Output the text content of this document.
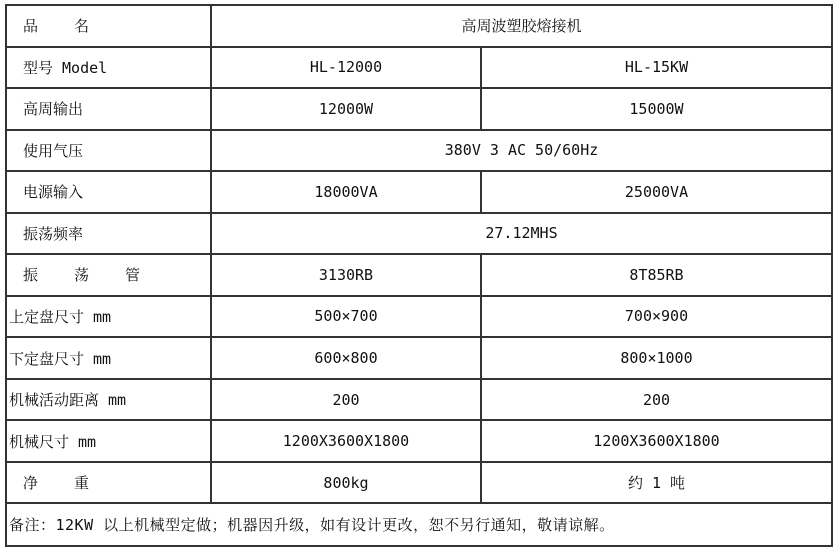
品 名	高周波塑胶熔接机	
型号 Model	HL-12000	HL-15KW
高周输出	12000W	15000W
使用气压	380V 3 AC 50/60Hz	
电源输入	18000VA	25000VA
振荡频率	27.12MHS	
振 荡 管	3130RB	8T85RB
上定盘尺寸 mm	500×700	700×900
下定盘尺寸 mm	600×800	800×1000
机械活动距离 mm	200	200
机械尺寸 mm	1200X3600X1800	1200X3600X1800
净 重	800kg	约 1 吨
备注：12KW 以上机械型定做；机器因升级，如有设计更改，恕不另行通知，敬请谅解。		
